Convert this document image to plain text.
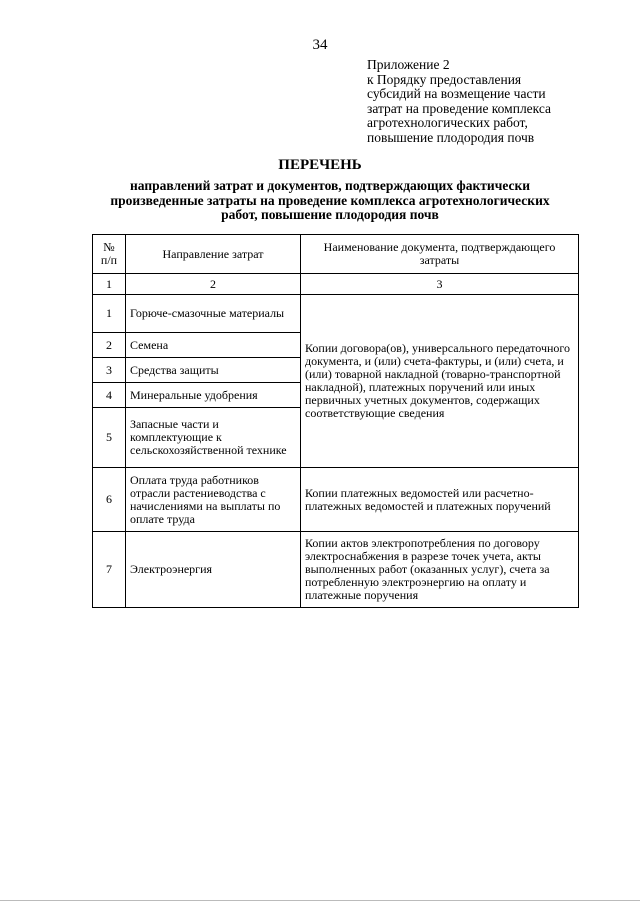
34
Приложение 2
к Порядку предоставления
субсидий на возмещение части
затрат на проведение комплекса
агротехнологических работ,
повышение плодородия почв
ПЕРЕЧЕНЬ
направлений затрат и документов, подтверждающих фактически произведенные затраты на проведение комплекса агротехнологических работ, повышение плодородия почв
№ п/п	Направление затрат	Наименование документа, подтверждающего затраты
1	2	3
1	Горюче-смазочные материалы	Копии договора(ов), универсального передаточного документа, и (или) счета-фактуры, и (или) счета, и (или) товарной накладной (товарно-транспортной накладной), платежных поручений или иных первичных учетных документов, содержащих соответствующие сведения
2	Семена	
3	Средства защиты	
4	Минеральные удобрения	
5	Запасные части и комплектующие к сельскохозяйственной технике	
6	Оплата труда работников отрасли растениеводства с начислениями на выплаты по оплате труда	Копии платежных ведомостей или расчетно-платежных ведомостей и платежных поручений
7	Электроэнергия	Копии актов электропотребления по договору электроснабжения в разрезе точек учета, акты выполненных работ (оказанных услуг), счета за потребленную электроэнергию на оплату и платежные поручения
